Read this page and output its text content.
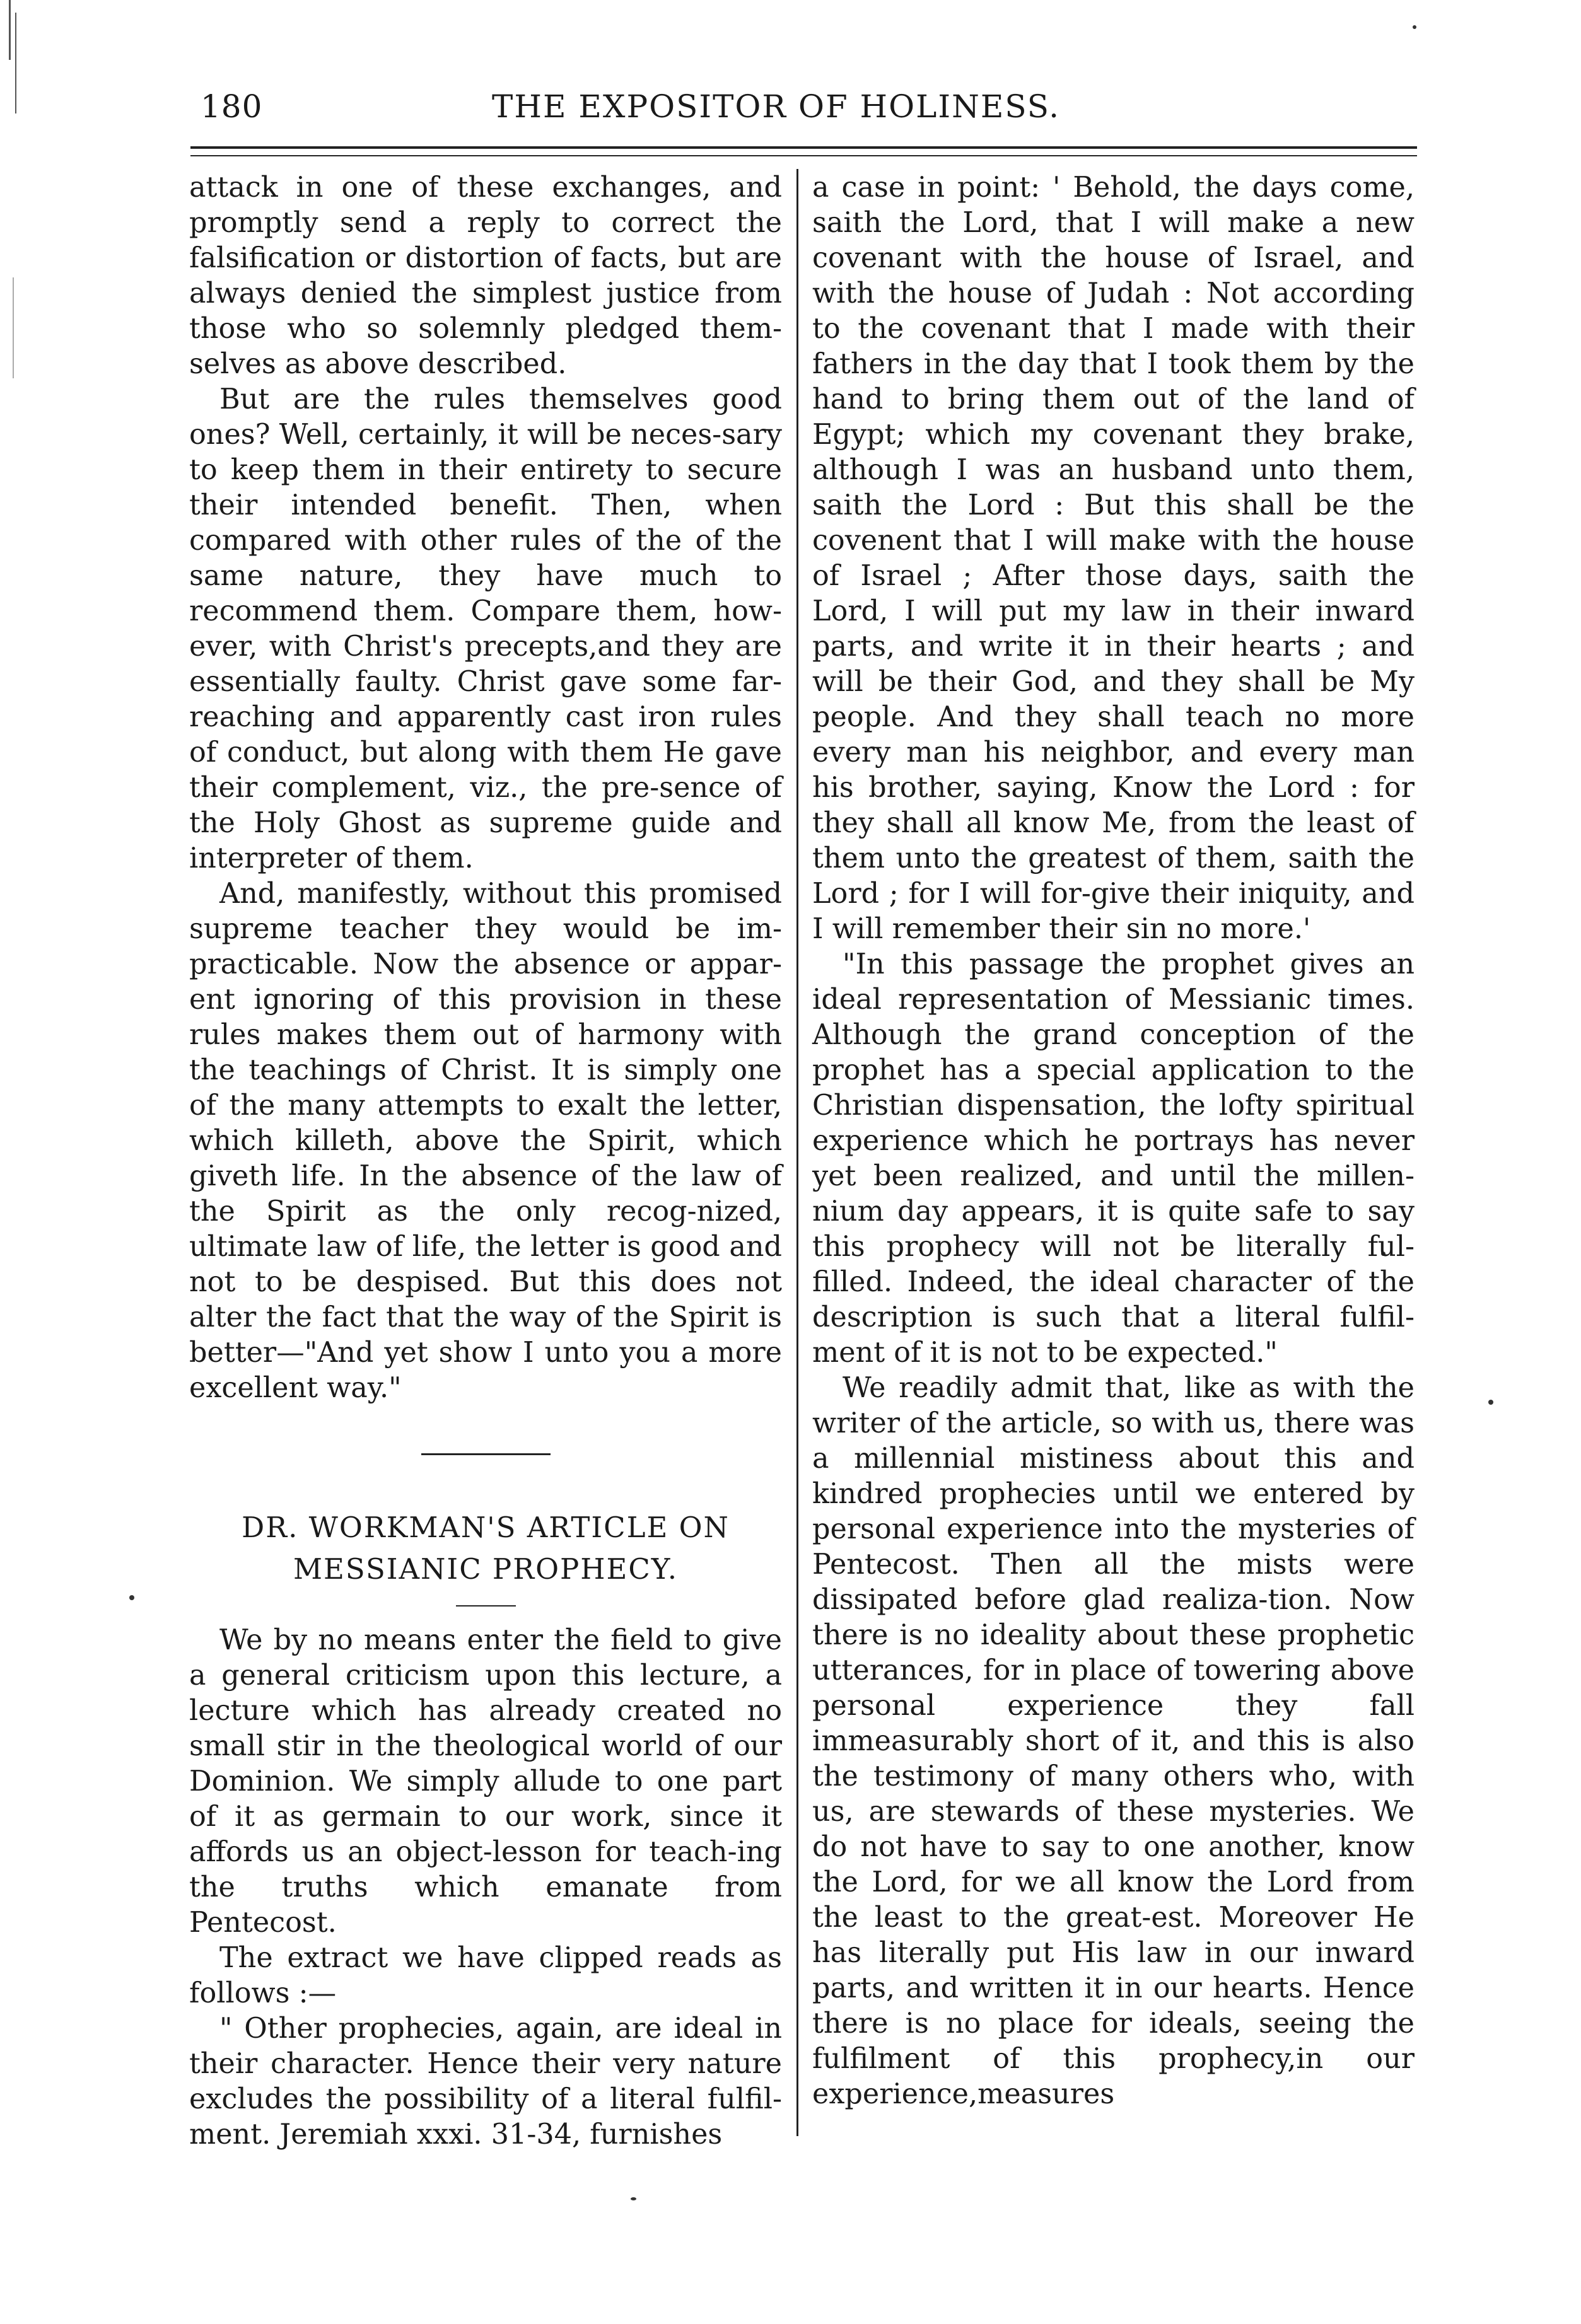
180	THE EXPOSITOR OF HOLINESS.

attack in one of these exchanges, and promptly send a reply to correct the falsification or distortion of facts, but are always denied the simplest justice from those who so solemnly pledged them-selves as above described.

But are the rules themselves good ones? Well, certainly, it will be neces-sary to keep them in their entirety to secure their intended benefit. Then, when compared with other rules of the of the same nature, they have much to recommend them. Compare them, how-ever, with Christ's precepts,and they are essentially faulty. Christ gave some far-reaching and apparently cast iron rules of conduct, but along with them He gave their complement, viz., the pre-sence of the Holy Ghost as supreme guide and interpreter of them.

And, manifestly, without this promised supreme teacher they would be im-practicable. Now the absence or appar-ent ignoring of this provision in these rules makes them out of harmony with the teachings of Christ. It is simply one of the many attempts to exalt the letter, which killeth, above the Spirit, which giveth life. In the absence of the law of the Spirit as the only recog-nized, ultimate law of life, the letter is good and not to be despised. But this does not alter the fact that the way of the Spirit is better—"And yet show I unto you a more excellent way."

DR. WORKMAN'S ARTICLE ON

MESSIANIC PROPHECY.

We by no means enter the field to give a general criticism upon this lecture, a lecture which has already created no small stir in the theological world of our Dominion. We simply allude to one part of it as germain to our work, since it affords us an object-lesson for teach-ing the truths which emanate from Pentecost.

The extract we have clipped reads as follows :—

" Other prophecies, again, are ideal in their character. Hence their very nature excludes the possibility of a literal fulfil-ment. Jeremiah xxxi. 31-34, furnishes

a case in point: ' Behold, the days come, saith the Lord, that I will make a new covenant with the house of Israel, and with the house of Judah : Not according to the covenant that I made with their fathers in the day that I took them by the hand to bring them out of the land of Egypt; which my covenant they brake, although I was an husband unto them, saith the Lord : But this shall be the covenent that I will make with the house of Israel ; After those days, saith the Lord, I will put my law in their inward parts, and write it in their hearts ; and will be their God, and they shall be My people. And they shall teach no more every man his neighbor, and every man his brother, saying, Know the Lord : for they shall all know Me, from the least of them unto the greatest of them, saith the Lord ; for I will for-give their iniquity, and I will remember their sin no more.'

"In this passage the prophet gives an ideal representation of Messianic times. Although the grand conception of the prophet has a special application to the Christian dispensation, the lofty spiritual experience which he portrays has never yet been realized, and until the millen-nium day appears, it is quite safe to say this prophecy will not be literally ful-filled. Indeed, the ideal character of the description is such that a literal fulfil-ment of it is not to be expected."

We readily admit that, like as with the writer of the article, so with us, there was a millennial mistiness about this and kindred prophecies until we entered by personal experience into the mysteries of Pentecost. Then all the mists were dissipated before glad realiza-tion. Now there is no ideality about these prophetic utterances, for in place of towering above personal experience they fall immeasurably short of it, and this is also the testimony of many others who, with us, are stewards of these mysteries. We do not have to say to one another, know the Lord, for we all know the Lord from the least to the great-est. Moreover He has literally put His law in our inward parts, and written it in our hearts. Hence there is no place for ideals, seeing the fulfilment of this prophecy,in our experience,measures
